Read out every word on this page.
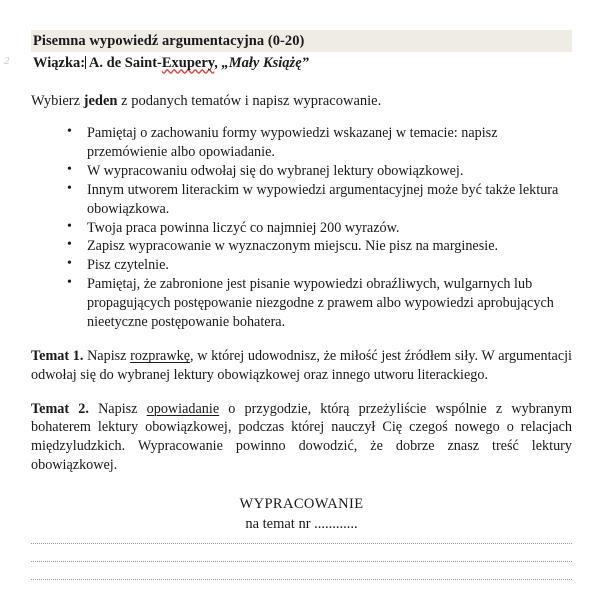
2
Pisemna wypowiedź argumentacyjna (0-20)
Wiązka: A. de Saint-Exupery, „Mały Książę”
Wybierz jeden z podanych tematów i napisz wypracowanie.
• Pamiętaj o zachowaniu formy wypowiedzi wskazanej w temacie: napisz przemówienie albo opowiadanie.
• W wypracowaniu odwołaj się do wybranej lektury obowiązkowej.
• Innym utworem literackim w wypowiedzi argumentacyjnej może być także lektura obowiązkowa.
• Twoja praca powinna liczyć co najmniej 200 wyrazów.
• Zapisz wypracowanie w wyznaczonym miejscu. Nie pisz na marginesie.
• Pisz czytelnie.
• Pamiętaj, że zabronione jest pisanie wypowiedzi obraźliwych, wulgarnych lub propagujących postępowanie niezgodne z prawem albo wypowiedzi aprobujących nieetyczne postępowanie bohatera.
Temat 1. Napisz rozprawkę, w której udowodnisz, że miłość jest źródłem siły. W argumentacji odwołaj się do wybranej lektury obowiązkowej oraz innego utworu literackiego.
Temat 2. Napisz opowiadanie o przygodzie, którą przeżyliście wspólnie z wybranym bohaterem lektury obowiązkowej, podczas której nauczył Cię czegoś nowego o relacjach międzyludzkich. Wypracowanie powinno dowodzić, że dobrze znasz treść lektury obowiązkowej.
WYPRACOWANIE
na temat nr ............
